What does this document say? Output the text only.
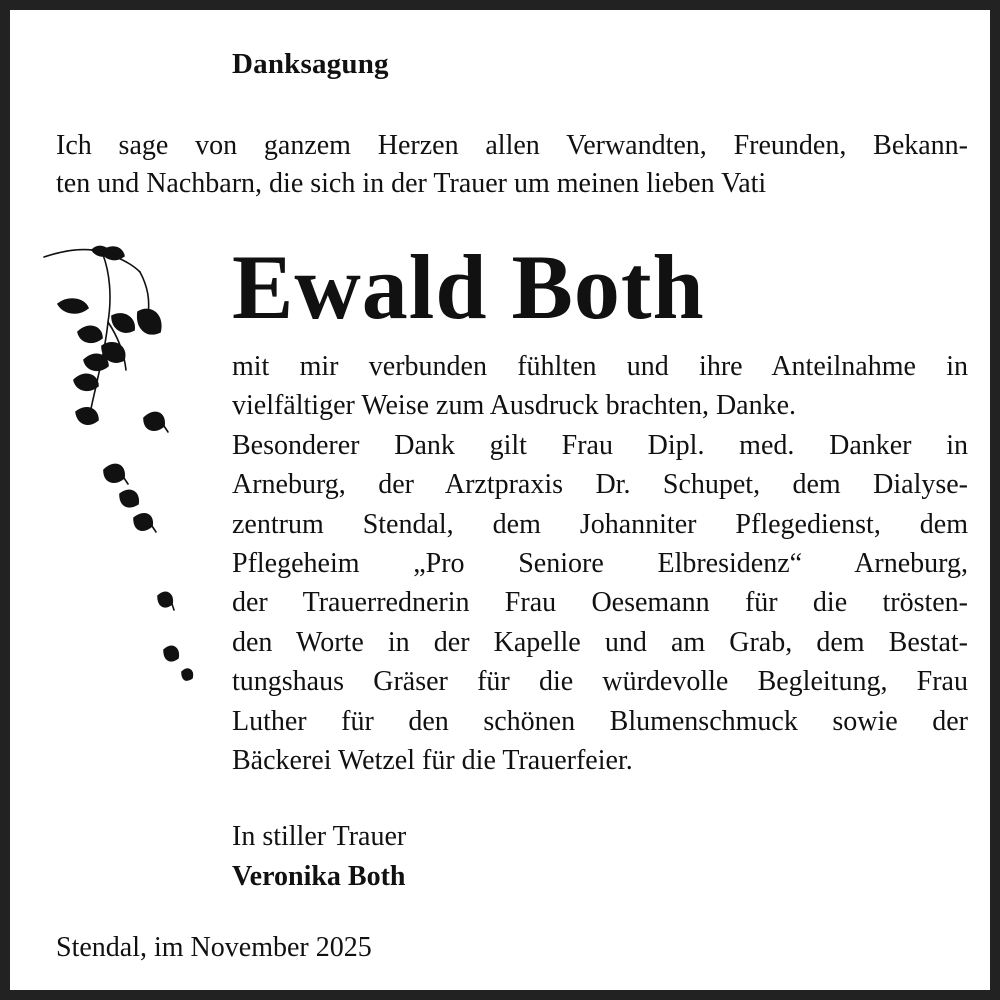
Danksagung
Ich sage von ganzem Herzen allen Verwandten, Freunden, Bekann-
ten und Nachbarn, die sich in der Trauer um meinen lieben Vati
Ewald Both
mit mir verbunden fühlten und ihre Anteilnahme in
vielfältiger Weise zum Ausdruck brachten, Danke.
Besonderer Dank gilt Frau Dipl. med. Danker in
Arneburg, der Arztpraxis Dr. Schupet, dem Dialyse-
zentrum Stendal, dem Johanniter Pflegedienst, dem
Pflegeheim „Pro Seniore Elbresidenz“ Arneburg,
der Trauerrednerin Frau Oesemann für die trösten-
den Worte in der Kapelle und am Grab, dem Bestat-
tungshaus Gräser für die würdevolle Begleitung, Frau
Luther für den schönen Blumenschmuck sowie der
Bäckerei Wetzel für die Trauerfeier.
In stiller Trauer
Veronika Both
Stendal, im November 2025
